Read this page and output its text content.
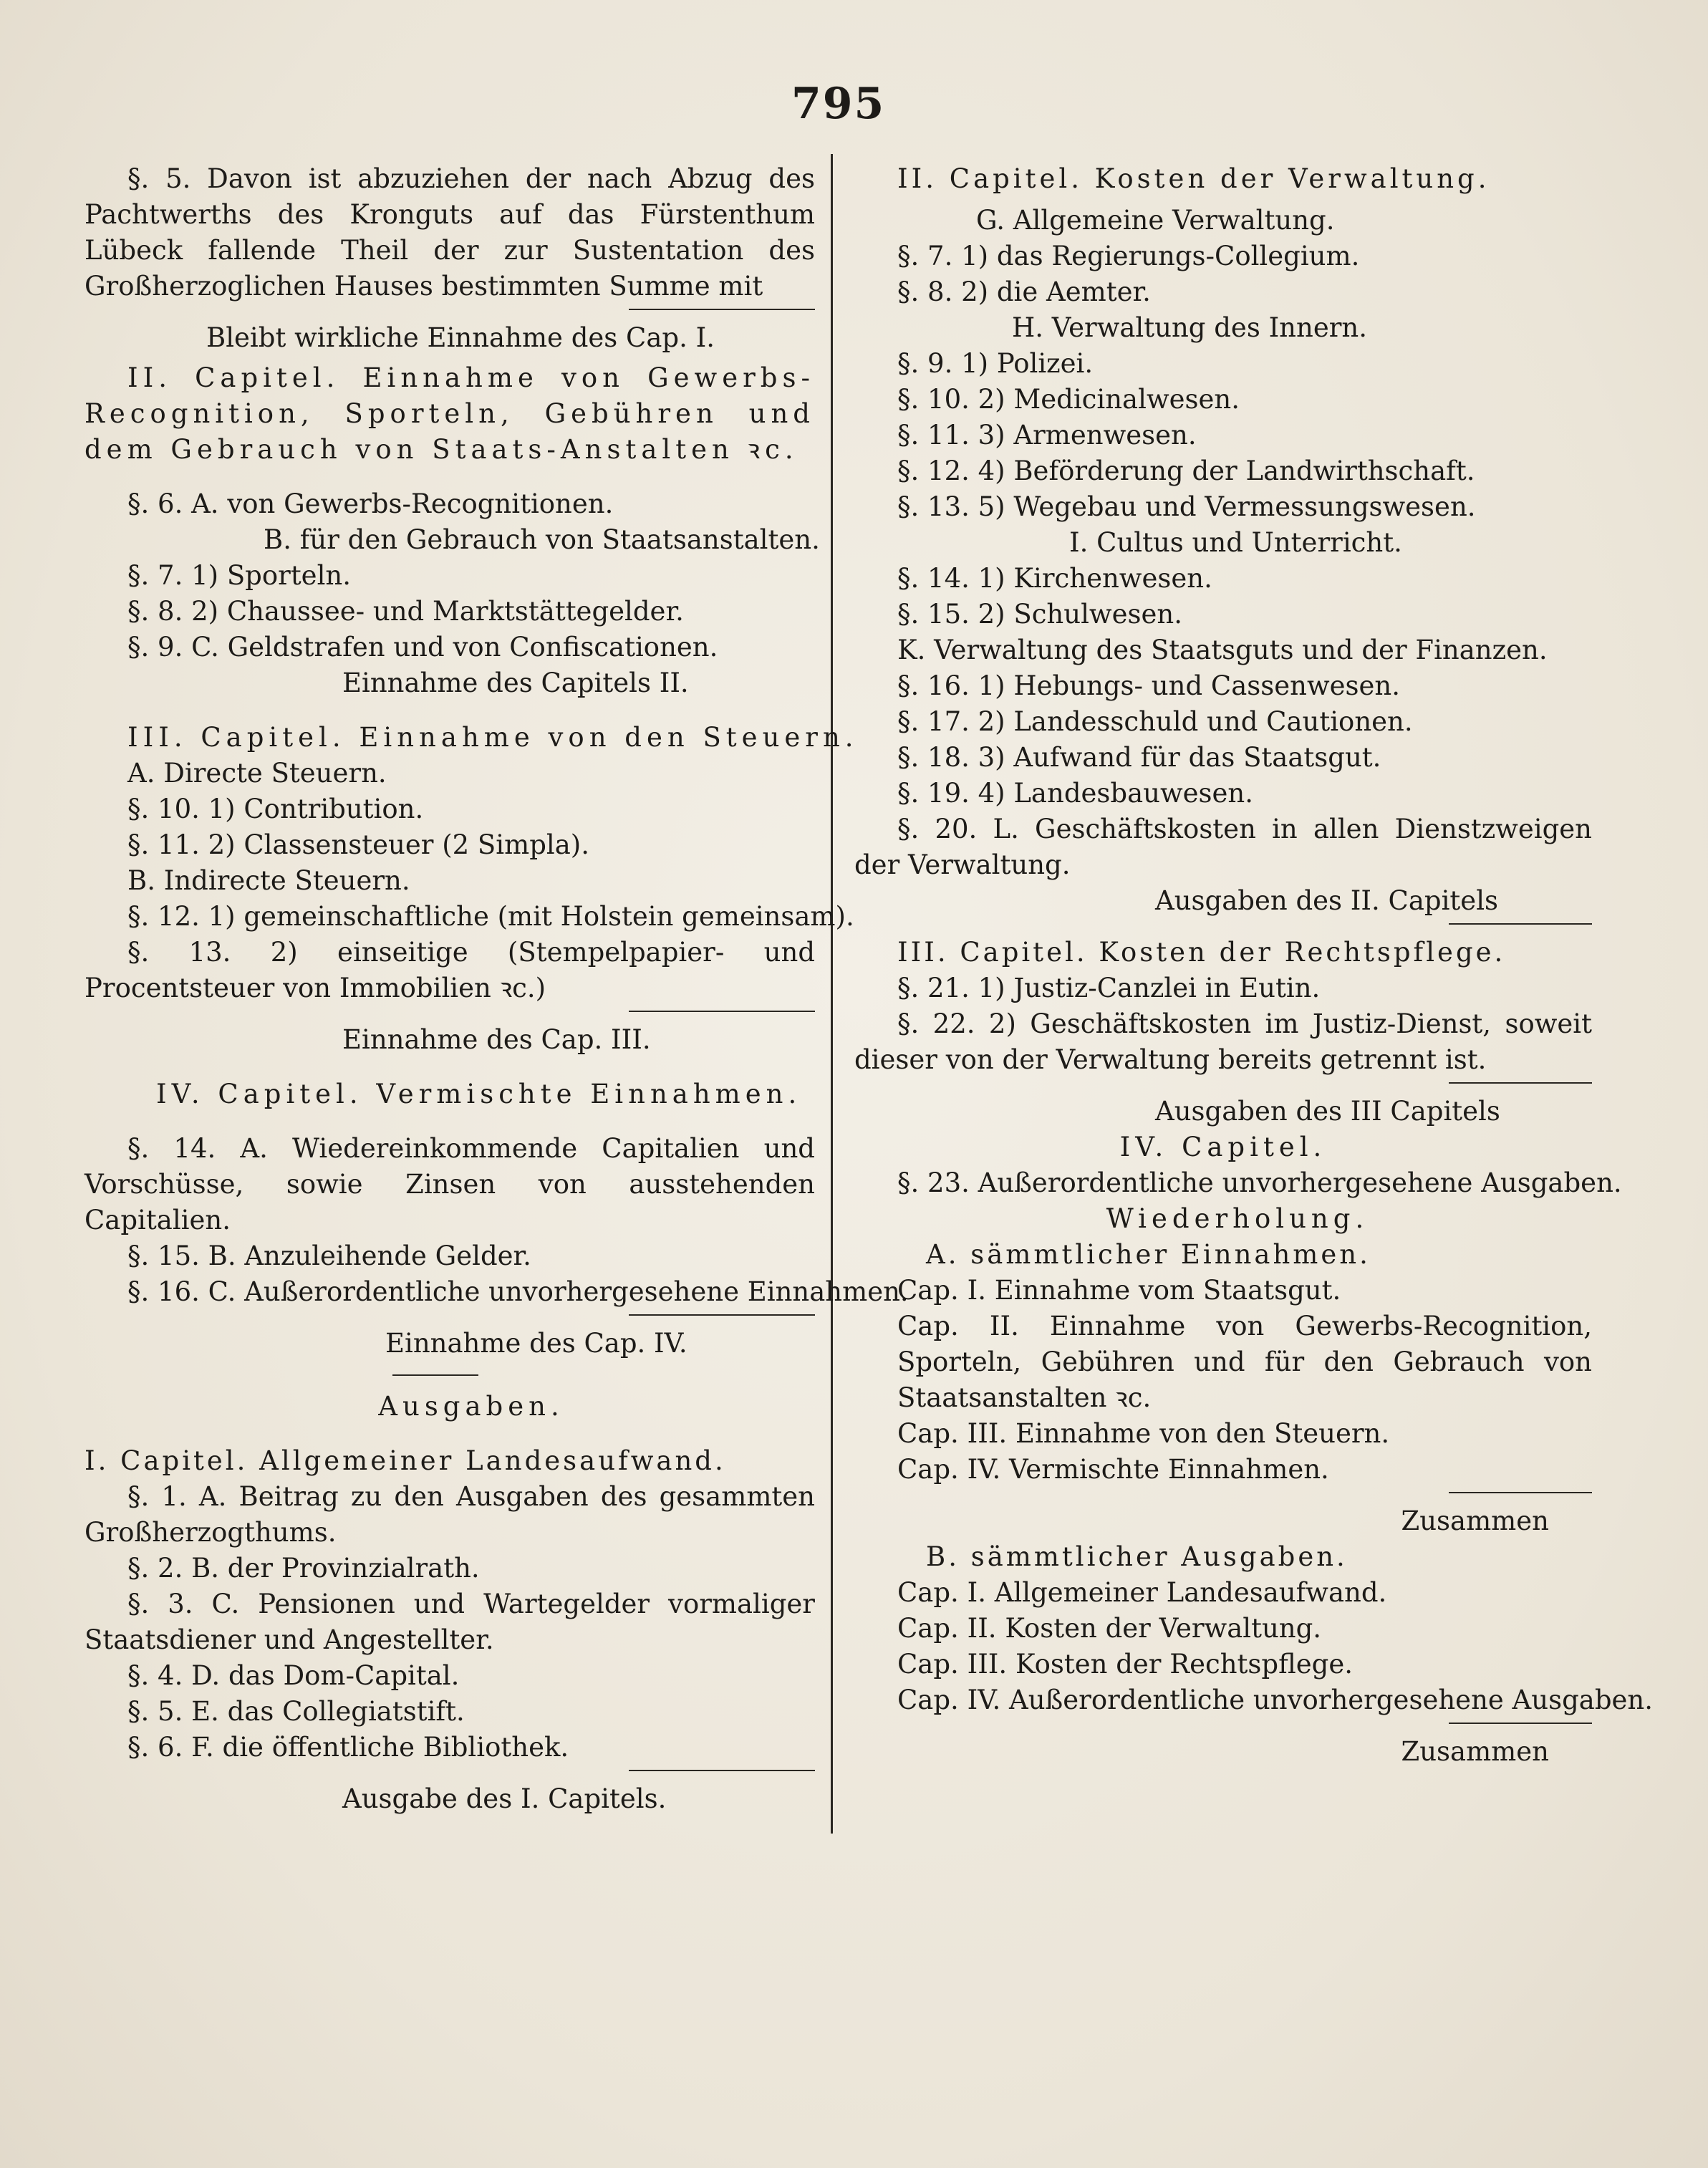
795
§. 5. Davon ist abzuziehen der nach Abzug des Pachtwerths des Kronguts auf das Fürstenthum Lübeck fallende Theil der zur Sustentation des Großherzoglichen Hauses bestimmten Summe mit
Bleibt wirkliche Einnahme des Cap. I.
II. Capitel. Einnahme von Gewerbs-Recognition, Sporteln, Gebühren und dem Gebrauch von Staats-Anstalten ꝛc.
§. 6. A. von Gewerbs-Recognitionen.
B. für den Gebrauch von Staatsanstalten.
§. 7. 1) Sporteln.
§. 8. 2) Chaussee- und Marktstättegelder.
§. 9. C. Geldstrafen und von Confiscationen.
Einnahme des Capitels II.
III. Capitel. Einnahme von den Steuern.
A. Directe Steuern.
§. 10. 1) Contribution.
§. 11. 2) Classensteuer (2 Simpla).
B. Indirecte Steuern.
§. 12. 1) gemeinschaftliche (mit Holstein gemeinsam).
§. 13. 2) einseitige (Stempelpapier- und Procentsteuer von Immobilien ꝛc.)
Einnahme des Cap. III.
IV. Capitel. Vermischte Einnahmen.
§. 14. A. Wiedereinkommende Capitalien und Vorschüsse, sowie Zinsen von ausstehenden Capitalien.
§. 15. B. Anzuleihende Gelder.
§. 16. C. Außerordentliche unvorhergesehene Einnahmen.
Einnahme des Cap. IV.
Ausgaben.
I. Capitel. Allgemeiner Landesaufwand.
§. 1. A. Beitrag zu den Ausgaben des gesammten Großherzogthums.
§. 2. B. der Provinzialrath.
§. 3. C. Pensionen und Wartegelder vormaliger Staatsdiener und Angestellter.
§. 4. D. das Dom-Capital.
§. 5. E. das Collegiatstift.
§. 6. F. die öffentliche Bibliothek.
Ausgabe des I. Capitels.
II. Capitel. Kosten der Verwaltung.
G. Allgemeine Verwaltung.
§. 7. 1) das Regierungs-Collegium.
§. 8. 2) die Aemter.
H. Verwaltung des Innern.
§. 9. 1) Polizei.
§. 10. 2) Medicinalwesen.
§. 11. 3) Armenwesen.
§. 12. 4) Beförderung der Landwirthschaft.
§. 13. 5) Wegebau und Vermessungswesen.
I. Cultus und Unterricht.
§. 14. 1) Kirchenwesen.
§. 15. 2) Schulwesen.
K. Verwaltung des Staatsguts und der Finanzen.
§. 16. 1) Hebungs- und Cassenwesen.
§. 17. 2) Landesschuld und Cautionen.
§. 18. 3) Aufwand für das Staatsgut.
§. 19. 4) Landesbauwesen.
§. 20. L. Geschäftskosten in allen Dienstzweigen der Verwaltung.
Ausgaben des II. Capitels
III. Capitel. Kosten der Rechtspflege.
§. 21. 1) Justiz-Canzlei in Eutin.
§. 22. 2) Geschäftskosten im Justiz-Dienst, soweit dieser von der Verwaltung bereits getrennt ist.
Ausgaben des III Capitels
IV. Capitel.
§. 23. Außerordentliche unvorhergesehene Ausgaben.
Wiederholung.
A. sämmtlicher Einnahmen.
Cap. I. Einnahme vom Staatsgut.
Cap. II. Einnahme von Gewerbs-Recognition, Sporteln, Gebühren und für den Gebrauch von Staatsanstalten ꝛc.
Cap. III. Einnahme von den Steuern.
Cap. IV. Vermischte Einnahmen.
Zusammen
B. sämmtlicher Ausgaben.
Cap. I. Allgemeiner Landesaufwand.
Cap. II. Kosten der Verwaltung.
Cap. III. Kosten der Rechtspflege.
Cap. IV. Außerordentliche unvorhergesehene Ausgaben.
Zusammen
